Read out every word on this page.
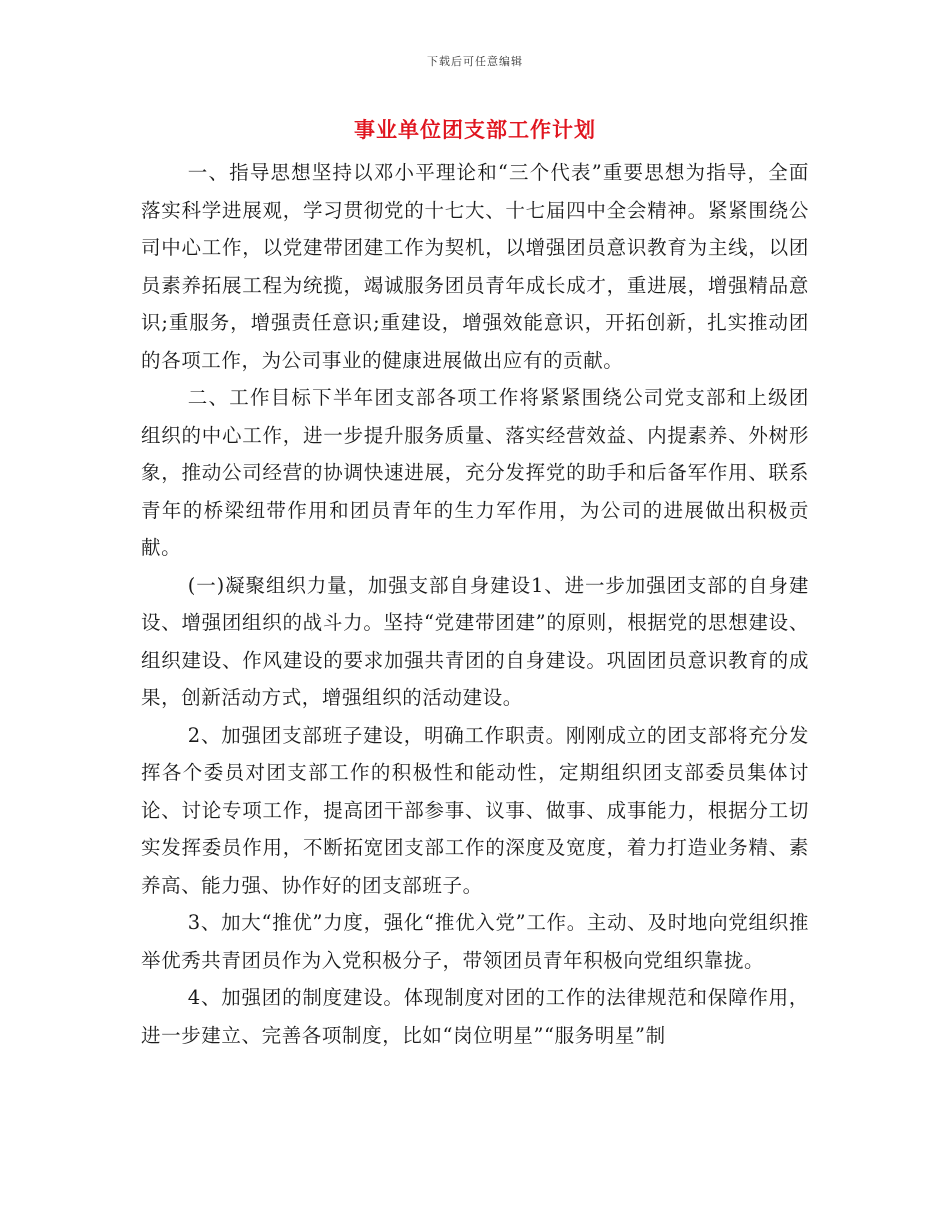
下载后可任意编辑
事业单位团支部工作计划

一、指导思想坚持以邓小平理论和“三个代表”重要思想为指导，全面落实科学进展观，学习贯彻党的十七大、十七届四中全会精神。紧紧围绕公司中心工作，以党建带团建工作为契机，以增强团员意识教育为主线，以团员素养拓展工程为统揽，竭诚服务团员青年成长成才，重进展，增强精品意识;重服务，增强责任意识;重建设，增强效能意识，开拓创新，扎实推动团的各项工作，为公司事业的健康进展做出应有的贡献。

二、工作目标下半年团支部各项工作将紧紧围绕公司党支部和上级团组织的中心工作，进一步提升服务质量、落实经营效益、内提素养、外树形象，推动公司经营的协调快速进展，充分发挥党的助手和后备军作用、联系青年的桥梁纽带作用和团员青年的生力军作用，为公司的进展做出积极贡献。

(一)凝聚组织力量，加强支部自身建设1、进一步加强团支部的自身建设、增强团组织的战斗力。坚持“党建带团建”的原则，根据党的思想建设、组织建设、作风建设的要求加强共青团的自身建设。巩固团员意识教育的成果，创新活动方式，增强组织的活动建设。

2、加强团支部班子建设，明确工作职责。刚刚成立的团支部将充分发挥各个委员对团支部工作的积极性和能动性，定期组织团支部委员集体讨论、讨论专项工作，提高团干部参事、议事、做事、成事能力，根据分工切实发挥委员作用，不断拓宽团支部工作的深度及宽度，着力打造业务精、素养高、能力强、协作好的团支部班子。

3、加大“推优”力度，强化“推优入党”工作。主动、及时地向党组织推举优秀共青团员作为入党积极分子，带领团员青年积极向党组织靠拢。

4、加强团的制度建设。体现制度对团的工作的法律规范和保障作用，进一步建立、完善各项制度，比如“岗位明星”“服务明星”制
